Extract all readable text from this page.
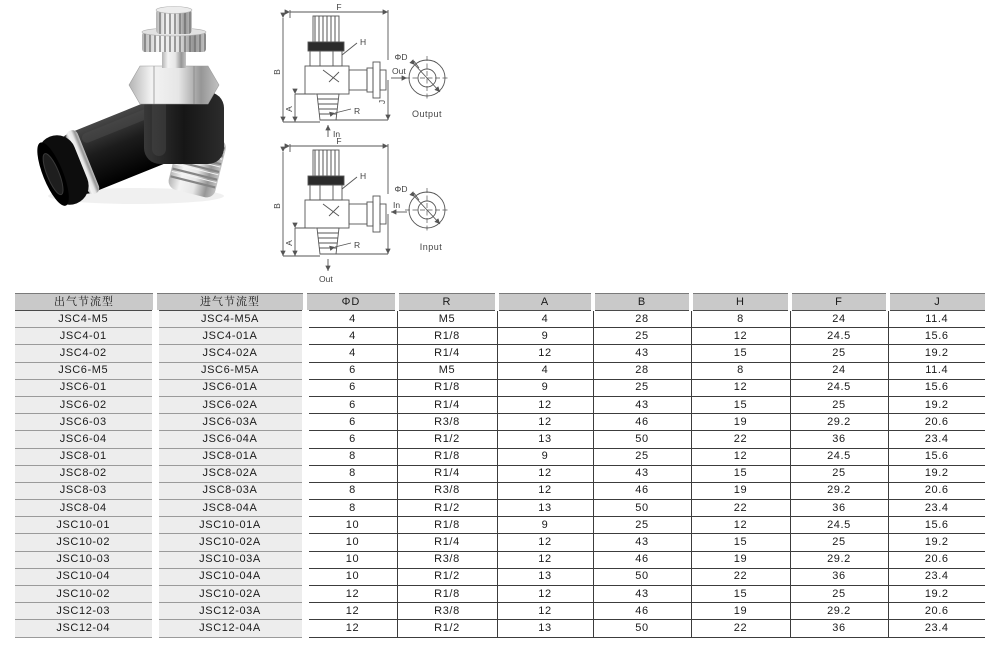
F
H
B
A	R
J
ΦD
Out
In
Output
F
H
B
A	R
ΦD
In
Out
Input
出气节流型	进气节流型	ΦD	R	A	B	H	F	J
JSC4-M5	JSC4-M5A	4	M5	4	28	8	24	11.4
JSC4-01	JSC4-01A	4	R1/8	9	25	12	24.5	15.6
JSC4-02	JSC4-02A	4	R1/4	12	43	15	25	19.2
JSC6-M5	JSC6-M5A	6	M5	4	28	8	24	11.4
JSC6-01	JSC6-01A	6	R1/8	9	25	12	24.5	15.6
JSC6-02	JSC6-02A	6	R1/4	12	43	15	25	19.2
JSC6-03	JSC6-03A	6	R3/8	12	46	19	29.2	20.6
JSC6-04	JSC6-04A	6	R1/2	13	50	22	36	23.4
JSC8-01	JSC8-01A	8	R1/8	9	25	12	24.5	15.6
JSC8-02	JSC8-02A	8	R1/4	12	43	15	25	19.2
JSC8-03	JSC8-03A	8	R3/8	12	46	19	29.2	20.6
JSC8-04	JSC8-04A	8	R1/2	13	50	22	36	23.4
JSC10-01	JSC10-01A	10	R1/8	9	25	12	24.5	15.6
JSC10-02	JSC10-02A	10	R1/4	12	43	15	25	19.2
JSC10-03	JSC10-03A	10	R3/8	12	46	19	29.2	20.6
JSC10-04	JSC10-04A	10	R1/2	13	50	22	36	23.4
JSC10-02	JSC10-02A	12	R1/8	12	43	15	25	19.2
JSC12-03	JSC12-03A	12	R3/8	12	46	19	29.2	20.6
JSC12-04	JSC12-04A	12	R1/2	13	50	22	36	23.4
